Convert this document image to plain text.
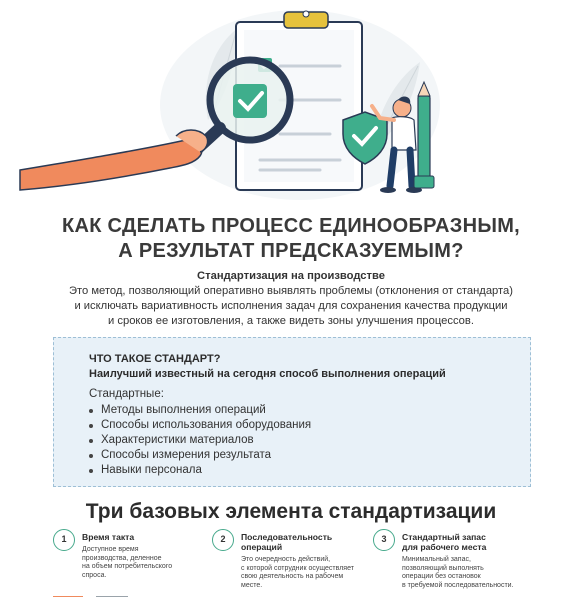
КАК СДЕЛАТЬ ПРОЦЕСС ЕДИНООБРАЗНЫМ,
А РЕЗУЛЬТАТ ПРЕДСКАЗУЕМЫМ?
Стандартизация на производстве
Это метод, позволяющий оперативно выявлять проблемы (отклонения от стандарта)
и исключать вариативность исполнения задач для сохранения качества продукции
и сроков ее изготовления, а также видеть зоны улучшения процессов.
ЧТО ТАКОЕ СТАНДАРТ?
Наилучший известный на сегодня способ выполнения операций
Стандартные:
Методы выполнения операций
Способы использования оборудования
Характеристики материалов
Способы измерения результата
Навыки персонала
Три базовых элемента стандартизации
1	Время такта
Доступное время
производства, деленное
на объем потребительского
спроса.
2	Последовательность
операций
Это очередность действий,
с которой сотрудник осуществляет
свою деятельность на рабочем
месте.
3	Стандартный запас
для рабочего места
Минимальный запас,
позволяющий выполнять
операции без остановок
в требуемой последовательности.
